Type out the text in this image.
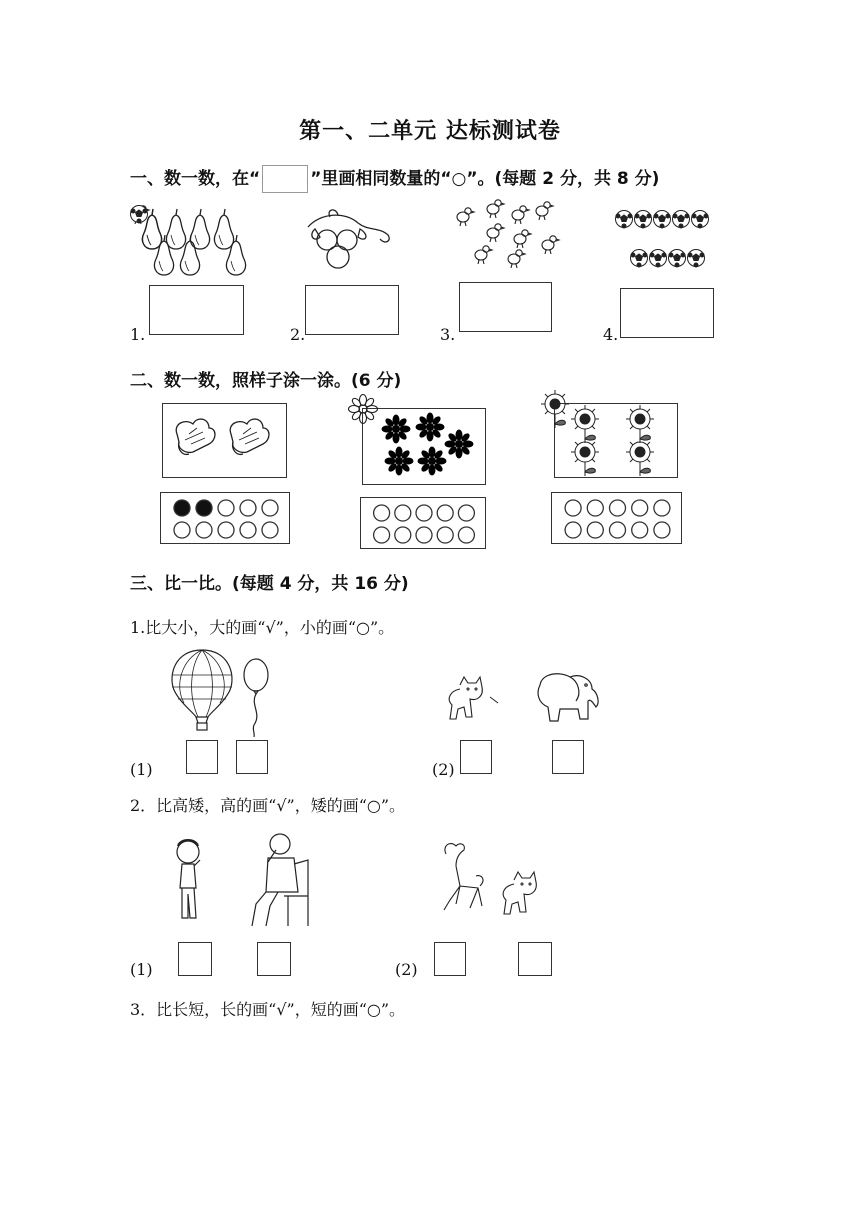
第一、二单元 达标测试卷
一、数一数，在“	”里画相同数量的“○”。(每题 2 分，共 8 分)
1.	2.	3.	4.
二、数一数，照样子涂一涂。(6 分)
三、比一比。(每题 4 分，共 16 分)
1.比大小，大的画“√”，小的画“○”。
(1)	(2)
2．比高矮，高的画“√”，矮的画“○”。
(1)	(2)
3．比长短，长的画“√”，短的画“○”。
